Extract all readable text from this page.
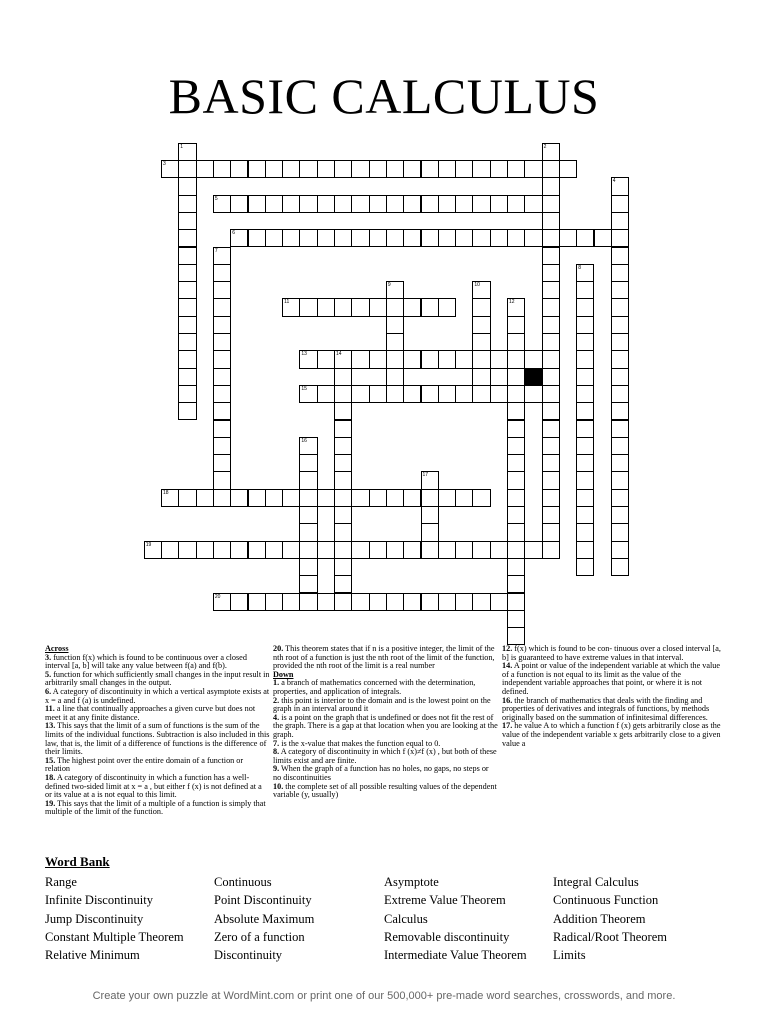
BASIC CALCULUS
3
5
6
11
13	14
15
18
19
20
1	2
4
8
7
9	10
12
16
17
Across
3. function f(x) which is found to be continuous over a closed interval [a, b] will take any value between f(a) and f(b).
5. function for which sufficiently small changes in the input result in arbitrarily small changes in the output.
6. A category of discontinuity in which a vertical asymptote exists at x = a and f (a) is undefined.
11. a line that continually approaches a given curve but does not meet it at any finite distance.
13. This says that the limit of a sum of functions is the sum of the limits of the individual functions. Subtraction is also included in this law, that is, the limit of a difference of functions is the difference of their limits.
15. The highest point over the entire domain of a function or relation
18. A category of discontinuity in which a function has a well-defined two-sided limit at x = a , but either f (x) is not defined at a or its value at a is not equal to this limit.
19. This says that the limit of a multiple of a function is simply that multiple of the limit of the function.
20. This theorem states that if n is a positive integer, the limit of the nth root of a function is just the nth root of the limit of the function, provided the nth root of the limit is a real number
Down
1. a branch of mathematics concerned with the determination, properties, and application of integrals.
2. this point is interior to the domain and is the lowest point on the graph in an interval around it
4. is a point on the graph that is undefined or does not fit the rest of the graph. There is a gap at that location when you are looking at the graph.
7. is the x-value that makes the function equal to 0.
8. A category of discontinuity in which f (x)≠f (x) , but both of these limits exist and are finite.
9. When the graph of a function has no holes, no gaps, no steps or no discontinuities
10. the complete set of all possible resulting values of the dependent variable (y, usually)
12. f(x) which is found to be con- tinuous over a closed interval [a, b] is guaranteed to have extreme values in that interval.
14. A point or value of the independent variable at which the value of a function is not equal to its limit as the value of the independent variable approaches that point, or where it is not defined.
16. the branch of mathematics that deals with the finding and properties of derivatives and integrals of functions, by methods originally based on the summation of infinitesimal differences.
17. he value A to which a function f (x) gets arbitrarily close as the value of the independent variable x gets arbitrarily close to a given value a
Word Bank
Range
Infinite Discontinuity
Jump Discontinuity
Constant Multiple Theorem
Relative Minimum
Continuous
Point Discontinuity
Absolute Maximum
Zero of a function
Discontinuity
Asymptote
Extreme Value Theorem
Calculus
Removable discontinuity
Intermediate Value Theorem
Integral Calculus
Continuous Function
Addition Theorem
Radical/Root Theorem
Limits
Create your own puzzle at WordMint.com or print one of our 500,000+ pre-made word searches, crosswords, and more.
